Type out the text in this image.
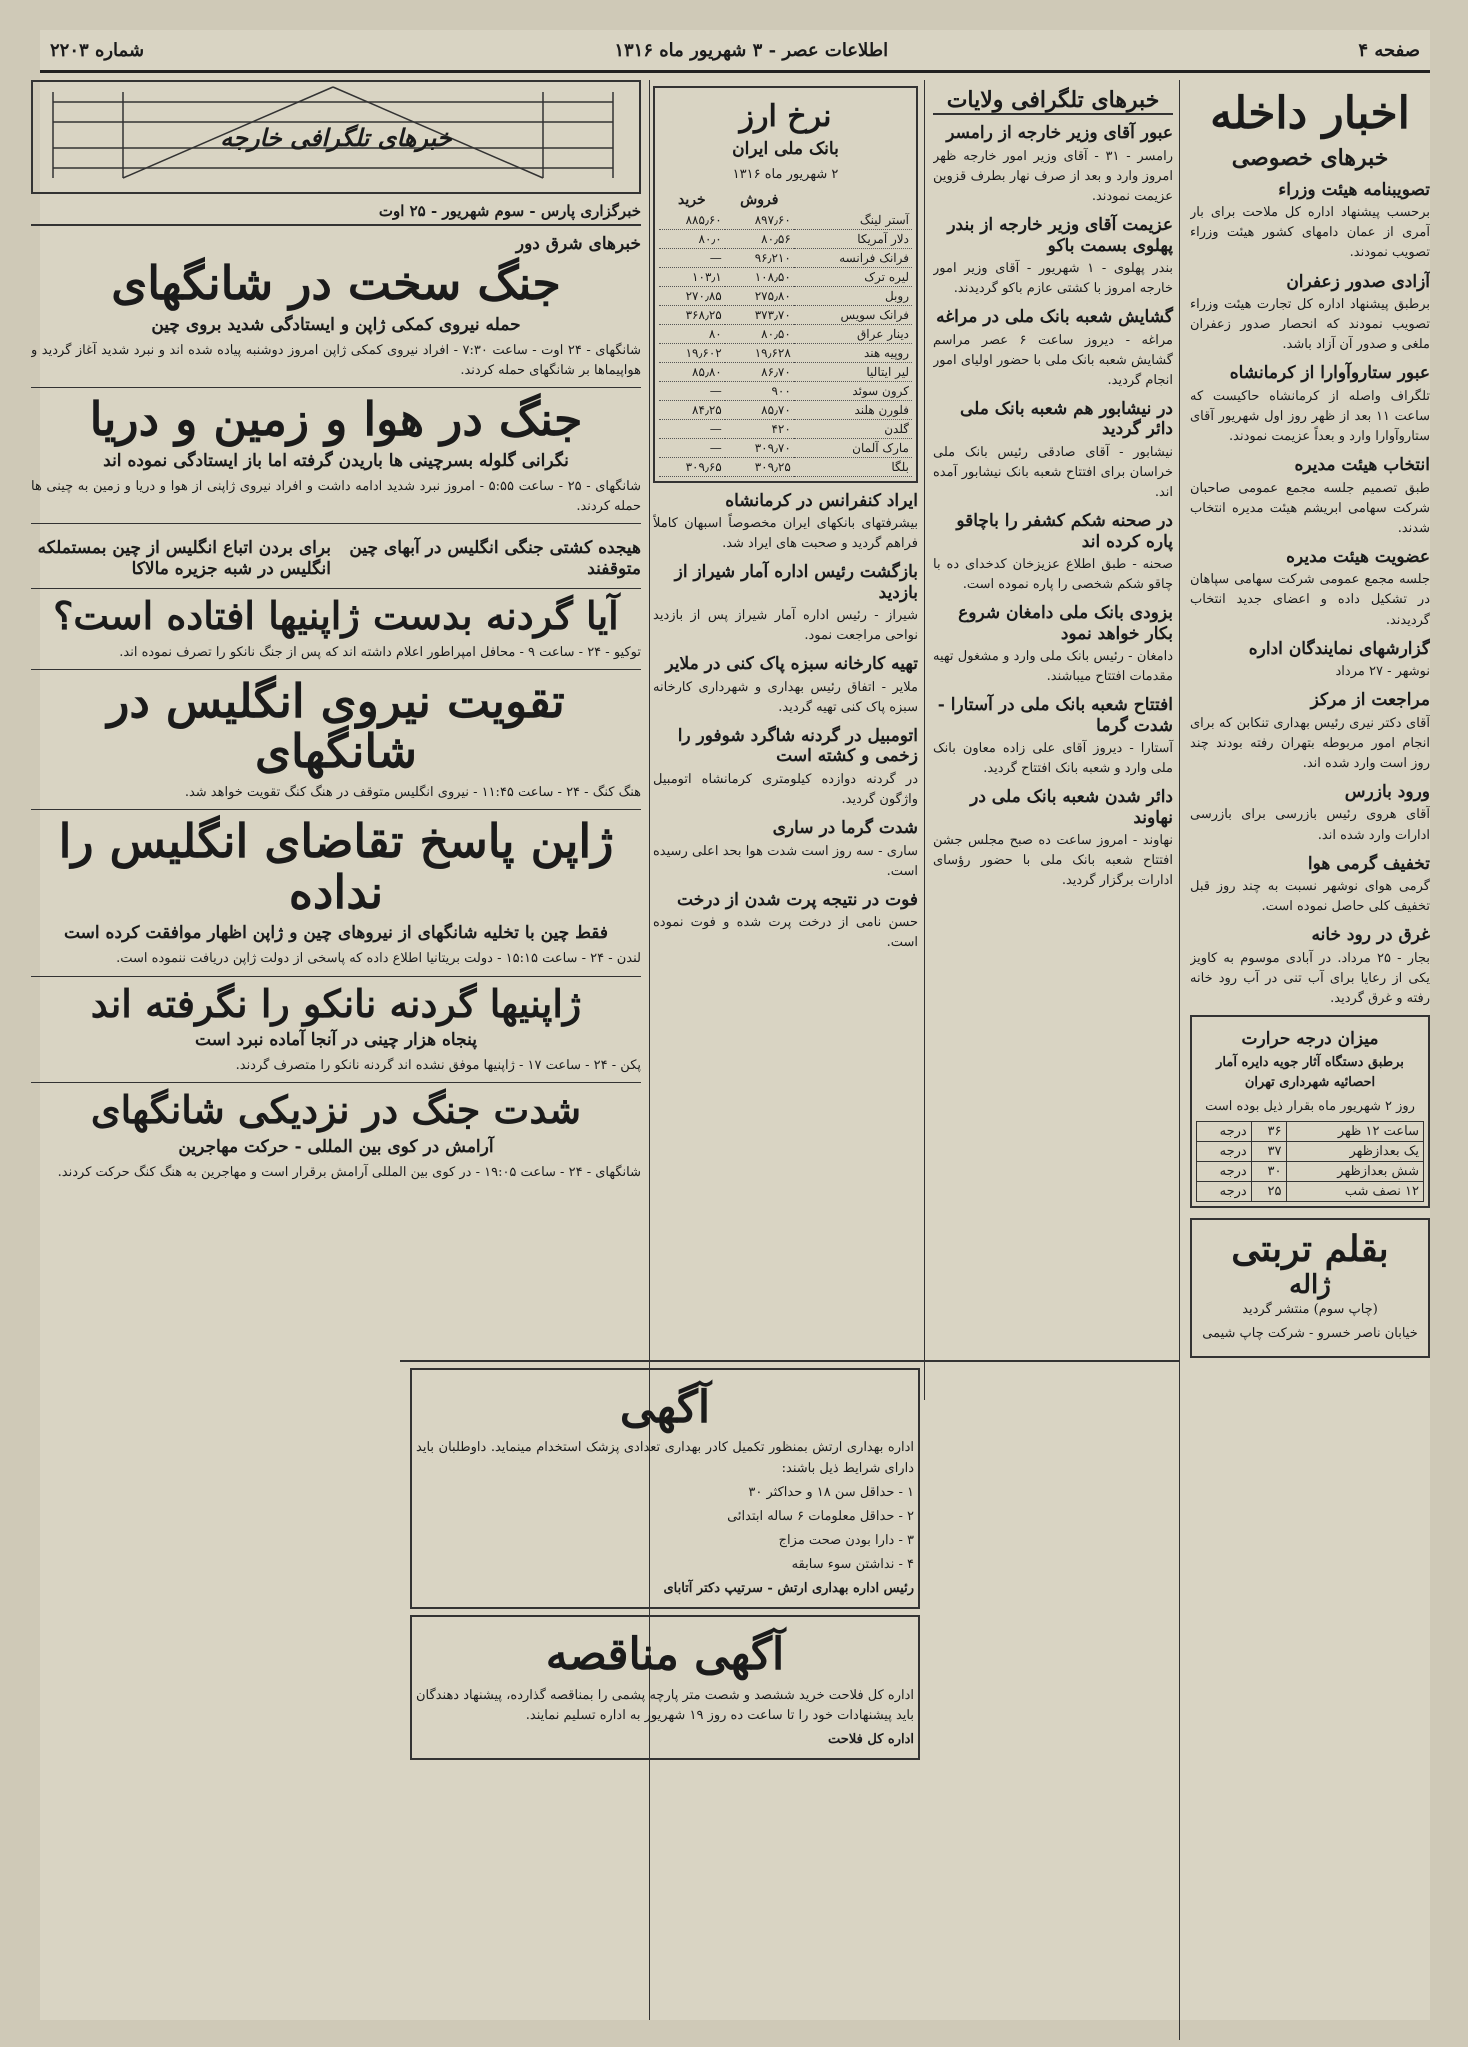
صفحه ۴
اطلاعات عصر - ۳ شهریور ماه ۱۳۱۶
شماره ۲۲۰۳
اخبار داخله
خبرهای خصوصی
تصویبنامه هیئت وزراء

برحسب پیشنهاد اداره کل ملاحت برای بار آمری از عمان دامهای کشور هیئت وزراء تصویب نمودند.

آزادی صدور زعفران

برطبق پیشنهاد اداره کل تجارت هیئت وزراء تصویب نمودند که انحصار صدور زعفران ملغی و صدور آن آزاد باشد.

عبور ستاروآوارا از کرمانشاه

تلگراف واصله از کرمانشاه حاکیست که ساعت ۱۱ بعد از ظهر روز اول شهریور آقای ستاروآوارا وارد و بعداً عزیمت نمودند.

انتخاب هیئت مدیره

طبق تصمیم جلسه مجمع عمومی صاحبان شرکت سهامی ابریشم هیئت مدیره انتخاب شدند.

عضویت هیئت مدیره

جلسه مجمع عمومی شرکت سهامی سپاهان در تشکیل داده و اعضای جدید انتخاب گردیدند.

گزارشهای نمایندگان اداره

نوشهر - ۲۷ مرداد

مراجعت از مرکز

آقای دکتر نیری رئیس بهداری تنکابن که برای انجام امور مربوطه بتهران رفته بودند چند روز است وارد شده اند.

ورود بازرس

آقای هروی رئیس بازرسی برای بازرسی ادارات وارد شده اند.

تخفیف گرمی هوا

گرمی هوای نوشهر نسبت به چند روز قبل تخفیف کلی حاصل نموده است.

غرق در رود خانه

بجار - ۲۵ مرداد. در آبادی موسوم به کاویز یکی از رعایا برای آب تنی در آب رود خانه رفته و غرق گردید.

میزان درجه حرارت

برطبق دستگاه آثار جویه دایره آمار احصائیه شهرداری تهران

روز ۲ شهریور ماه بقرار ذیل بوده است

ساعت ۱۲ ظهر	۳۶	درجه
یک بعدازظهر	۳۷	درجه
شش بعدازظهر	۳۰	درجه
۱۲ نصف شب	۲۵	درجه
بقلم تربتی
ژاله

(چاپ سوم) منتشر گردید

خیابان ناصر خسرو - شرکت چاپ شیمی

خبرهای تلگرافی ولایات
عبور آقای وزیر خارجه از رامسر

رامسر - ۳۱ - آقای وزیر امور خارجه ظهر امروز وارد و بعد از صرف نهار بطرف قزوین عزیمت نمودند.

عزیمت آقای وزیر خارجه از بندر پهلوی بسمت باکو

بندر پهلوی - ۱ شهریور - آقای وزیر امور خارجه امروز با کشتی عازم باکو گردیدند.

گشایش شعبه بانک ملی در مراغه

مراغه - دیروز ساعت ۶ عصر مراسم گشایش شعبه بانک ملی با حضور اولیای امور انجام گردید.

در نیشابور هم شعبه بانک ملی دائر گردید

نیشابور - آقای صادقی رئیس بانک ملی خراسان برای افتتاح شعبه بانک نیشابور آمده اند.

در صحنه شکم کشفر را باچاقو پاره کرده اند

صحنه - طبق اطلاع عزیزخان کدخدای ده با چاقو شکم شخصی را پاره نموده است.

بزودی بانک ملی دامغان شروع بکار خواهد نمود

دامغان - رئیس بانک ملی وارد و مشغول تهیه مقدمات افتتاح میباشند.

افتتاح شعبه بانک ملی در آستارا - شدت گرما

آستارا - دیروز آقای علی زاده معاون بانک ملی وارد و شعبه بانک افتتاح گردید.

دائر شدن شعبه بانک ملی در نهاوند

نهاوند - امروز ساعت ده صبح مجلس جشن افتتاح شعبه بانک ملی با حضور رؤسای ادارات برگزار گردید.

نرخ ارز
بانک ملی ایران

۲ شهریور ماه ۱۳۱۶

	فروش	خرید
آستر لینگ	۸۹۷٫۶۰	۸۸۵٫۶۰
دلار آمریکا	۸۰٫۵۶	۸۰٫۰
فرانک فرانسه	۹۶٫۲۱۰	—
لیره ترک	۱۰۸٫۵۰	۱۰۳٫۱
روبل	۲۷۵٫۸۰	۲۷۰٫۸۵
فرانک سویس	۳۷۳٫۷۰	۳۶۸٫۲۵
دینار عراق	۸۰٫۵۰	۸۰
روپیه هند	۱۹٫۶۲۸	۱۹٫۶۰۲
لیر ایتالیا	۸۶٫۷۰	۸۵٫۸۰
کرون سوئد	۹۰۰	—
فلورن هلند	۸۵٫۷۰	۸۴٫۲۵
گلدن	۴۲۰	—
مارک آلمان	۳۰۹٫۷۰	—
بلگا	۳۰۹٫۲۵	۳۰۹٫۶۵
ایراد کنفرانس در کرمانشاه

بیشرفتهای بانکهای ایران مخصوصاً اسبهان کاملاً فراهم گردید و صحبت های ایراد شد.

بازگشت رئیس اداره آمار شیراز از بازدید

شیراز - رئیس اداره آمار شیراز پس از بازدید نواحی مراجعت نمود.

تهیه کارخانه سبزه پاک کنی در ملایر

ملایر - اتفاق رئیس بهداری و شهرداری کارخانه سبزه پاک کنی تهیه گردید.

اتومبیل در گردنه شاگرد شوفور را زخمی و کشته است

در گردنه دوازده کیلومتری کرمانشاه اتومبیل واژگون گردید.

شدت گرما در ساری

ساری - سه روز است شدت هوا بحد اعلی رسیده است.

فوت در نتیجه پرت شدن از درخت

حسن نامی از درخت پرت شده و فوت نموده است.

خبرهای تلگرافی خارجه
خبرگزاری پارس - سوم شهریور - ۲۵ اوت
خبرهای شرق دور
جنگ سخت در شانگهای
حمله نیروی کمکی ژاپن و ایستادگی شدید بروی چین

شانگهای - ۲۴ اوت - ساعت ۷:۳۰ - افراد نیروی کمکی ژاپن امروز دوشنبه پیاده شده اند و نبرد شدید آغاز گردید و هواپیماها بر شانگهای حمله کردند.

جنگ در هوا و زمین و دریا
نگرانی گلوله بسرچینی ها باریدن گرفته اما باز ایستادگی نموده اند

شانگهای - ۲۵ - ساعت ۵:۵۵ - امروز نبرد شدید ادامه داشت و افراد نیروی ژاپنی از هوا و دریا و زمین به چینی ها حمله کردند.

هیجده کشتی جنگی انگلیس در آبهای چین متوقفند
برای بردن اتباع انگلیس از چین بمستملکه انگلیس در شبه جزیره مالاکا
آیا گردنه بدست ژاپنیها افتاده است؟

توکیو - ۲۴ - ساعت ۹ - محافل امپراطور اعلام داشته اند که پس از جنگ نانکو را تصرف نموده اند.

تقویت نیروی انگلیس در شانگهای

هنگ کنگ - ۲۴ - ساعت ۱۱:۴۵ - نیروی انگلیس متوقف در هنگ کنگ تقویت خواهد شد.

ژاپن پاسخ تقاضای انگلیس را نداده
فقط چین با تخلیه شانگهای از نیروهای چین و ژاپن اظهار موافقت کرده است

لندن - ۲۴ - ساعت ۱۵:۱۵ - دولت بریتانیا اطلاع داده که پاسخی از دولت ژاپن دریافت ننموده است.

ژاپنیها گردنه نانکو را نگرفته اند
پنجاه هزار چینی در آنجا آماده نبرد است

پکن - ۲۴ - ساعت ۱۷ - ژاپنیها موفق نشده اند گردنه نانکو را متصرف گردند.

شدت جنگ در نزدیکی شانگهای
آرامش در کوی بین المللی - حرکت مهاجرین

شانگهای - ۲۴ - ساعت ۱۹:۰۵ - در کوی بین المللی آرامش برقرار است و مهاجرین به هنگ کنگ حرکت کردند.

آگهی

اداره بهداری ارتش بمنظور تکمیل کادر بهداری تعدادی پزشک استخدام مینماید. داوطلبان باید دارای شرایط ذیل باشند:

۱ - حداقل سن ۱۸ و حداکثر ۳۰

۲ - حداقل معلومات ۶ ساله ابتدائی

۳ - دارا بودن صحت مزاج

۴ - نداشتن سوء سابقه

رئیس اداره بهداری ارتش - سرتیپ دکتر آتابای

آگهی مناقصه

اداره کل فلاحت خرید ششصد و شصت متر پارچه پشمی را بمناقصه گذارده، پیشنهاد دهندگان باید پیشنهادات خود را تا ساعت ده روز ۱۹ شهریور به اداره تسلیم نمایند.

اداره کل فلاحت
